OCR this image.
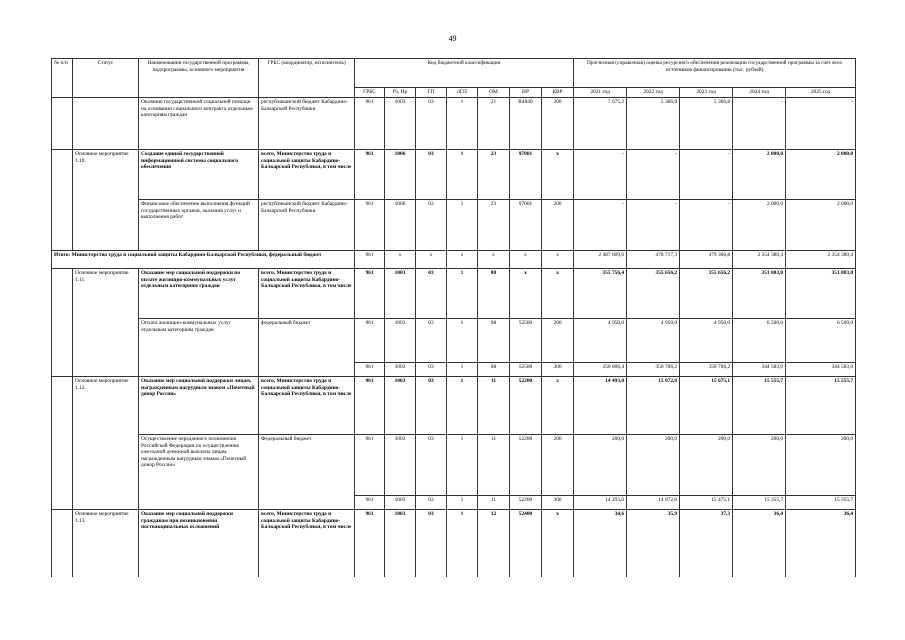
49
№ п/п	Статус	Наименования государственной программы, подпрограммы, основного мероприятия	ГРБС (координатор, исполнитель)	Код бюджетной классификации							Прогнозная (справочная) оценка ресурсного обеспечения реализации государственной программы за счет всех источников финансирования (тыс. рублей)				
				ГРБС	Рз, Пр	ГП	пГП	ОМ	НР	КВР	2021 год	2022 год	2023 год	2024 год	2025 год
		Оказание государственной социальной помощи на основании социального контракта отдельным категориям граждан	республиканский бюджет Кабардино-Балкарской Республики	961	1003	03	1	21	R4040	200	7 675,2	5 366,8	5 366,8	-	-
	Основное мероприятие 1.10.	Создание единой государственной информационной системы социального обеспечения	всего, Министерство труда и социальной защиты Кабардино-Балкарской Республики, в том числе	961	1006	03	1	23	97001	х	-	-	-	2 000,0	2 000,0
		Финансовое обеспечение выполнения функций государственных органов, оказания услуг и выполнения работ	республиканский бюджет Кабардино-Балкарской Республики	961	1006	03	1	23	97001	200	-	-	-	2 000,0	2 000,0
Итого: Министерство труда и социальной защиты Кабардино-Балкарской Республики, федеральный бюджет				961	х	х	х	х	х	х	2 487 609,6	478 717,3	479 366,8	2 354 380,4	2 354 380,4
	Основное мероприятие 1.11.	Оказание мер социальной поддержки по оплате жилищно-коммунальных услуг отдельным категориям граждан	всего, Министерство труда и социальной защиты Кабардино-Балкарской Республики, в том числе	961	1003	03	1	08	х	х	355 756,4	355 656,2	355 656,2	351 083,0	351 083,0
		Оплата жилищно-коммунальных услуг отдельным категориям граждан	федеральный бюджет	961	1003	03	1	08	52500	200	4 950,0	4 950,0	4 950,0	6 500,0	6 500,0
				961	1003	03	1	08	52500	300	350 806,4	350 706,2	350 706,2	344 583,0	344 583,0
	Основное мероприятие 1.12.	Оказание мер социальной поддержки лицам, награжденным нагрудным знаком «Почетный донор России»	всего, Министерство труда и социальной защиты Кабардино-Балкарской Республики, в том числе	961	1003	03	1	11	52200	х	14 493,0	15 072,6	15 675,1	15 555,7	15 555,7
		Осуществление переданного полномочия Российской Федерации по осуществлению ежегодной денежной выплаты лицам, награжденным нагрудным знаком «Почетный донор России»	Федеральный бюджет	961	1003	03	1	11	52200	200	200,0	200,0	200,0	200,0	200,0
				961	1003	03	1	11	52200	300	14 293,0	14 872,6	15 475,1	15 355,7	15 355,7
	Основное мероприятие 1.13.	Оказание мер социальной поддержки гражданам при возникновении поствакцинальных осложнений	всего, Министерство труда и социальной защиты Кабардино-Балкарской Республики, в том числе	961	1003	03	1	12	52400	х	34,6	35,9	37,3	36,4	36,4
